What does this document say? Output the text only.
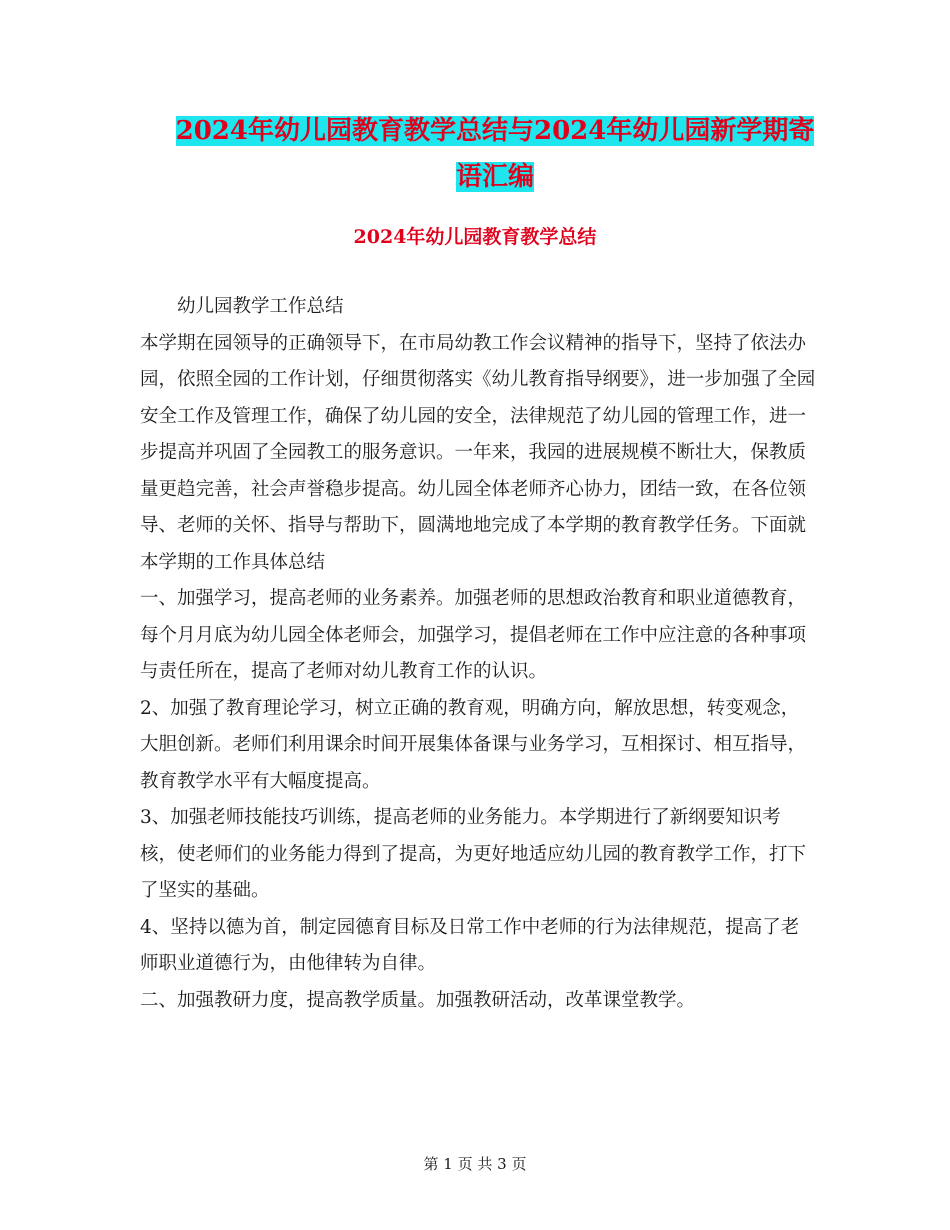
2024年幼儿园教育教学总结与2024年幼儿园新学期寄
语汇编
2024年幼儿园教育教学总结

幼儿园教学工作总结

本学期在园领导的正确领导下，在市局幼教工作会议精神的指导下，坚持了依法办园，依照全园的工作计划，仔细贯彻落实《幼儿教育指导纲要》，进一步加强了全园安全工作及管理工作，确保了幼儿园的安全，法律规范了幼儿园的管理工作，进一步提高并巩固了全园教工的服务意识。一年来，我园的进展规模不断壮大，保教质量更趋完善，社会声誉稳步提高。幼儿园全体老师齐心协力，团结一致，在各位领导、老师的关怀、指导与帮助下，圆满地地完成了本学期的教育教学任务。下面就本学期的工作具体总结

一、加强学习，提高老师的业务素养。加强老师的思想政治教育和职业道德教育，每个月月底为幼儿园全体老师会，加强学习，提倡老师在工作中应注意的各种事项与责任所在，提高了老师对幼儿教育工作的认识。

2、加强了教育理论学习，树立正确的教育观，明确方向，解放思想，转变观念，大胆创新。老师们利用课余时间开展集体备课与业务学习，互相探讨、相互指导，教育教学水平有大幅度提高。

3、加强老师技能技巧训练，提高老师的业务能力。本学期进行了新纲要知识考核，使老师们的业务能力得到了提高，为更好地适应幼儿园的教育教学工作，打下了坚实的基础。

4、坚持以德为首，制定园德育目标及日常工作中老师的行为法律规范，提高了老师职业道德行为，由他律转为自律。

二、加强教研力度，提高教学质量。加强教研活动，改革课堂教学。

第 1 页 共 3 页
